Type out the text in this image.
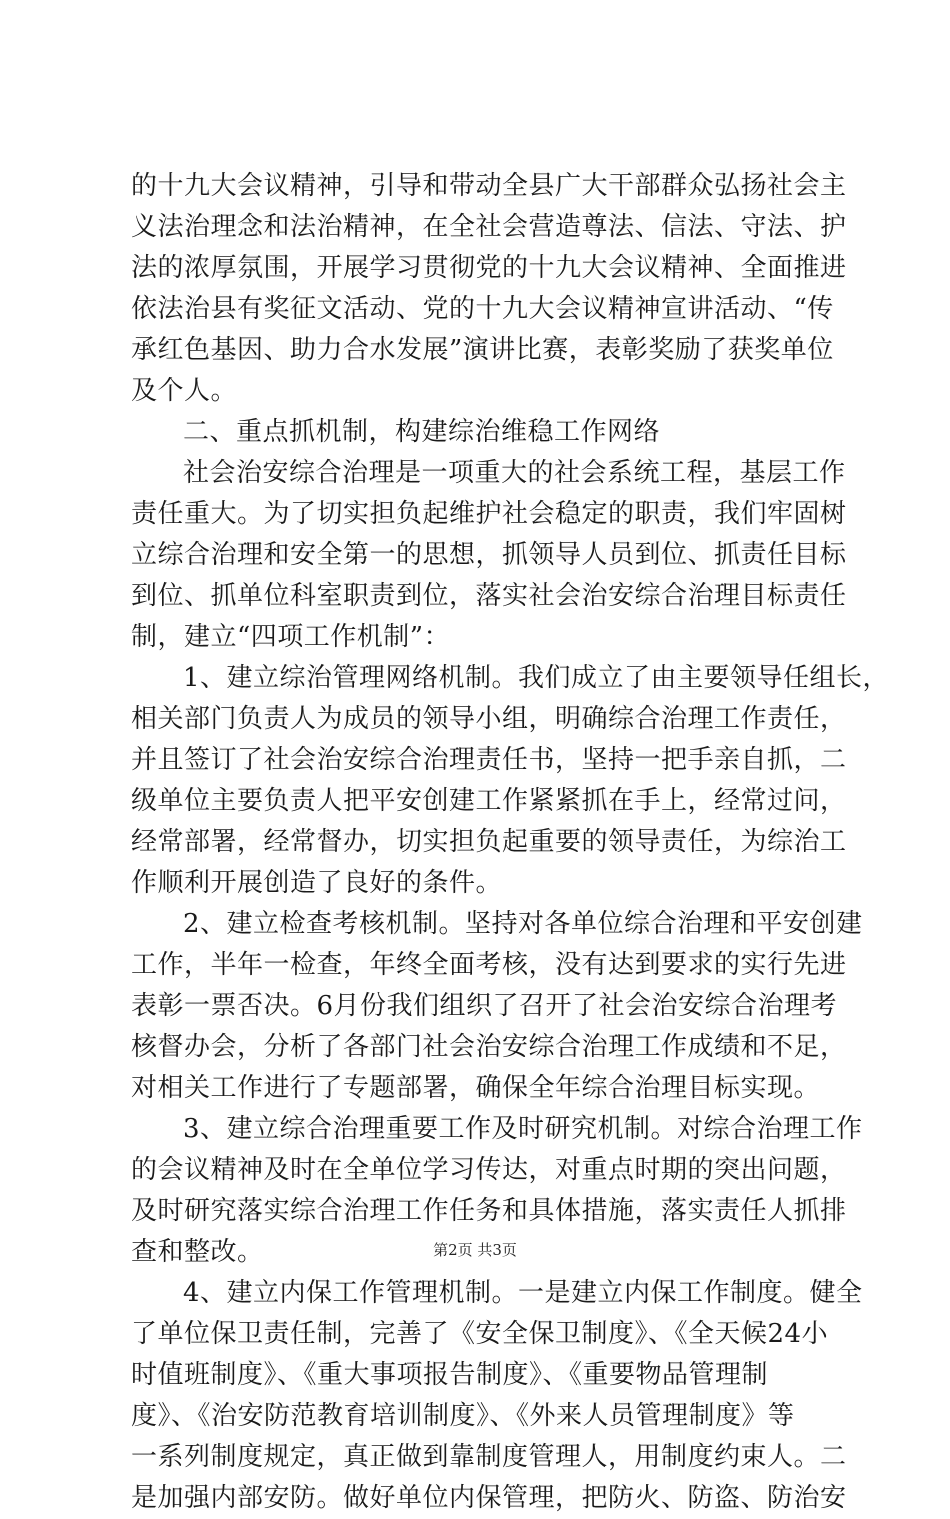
的十九大会议精神，引导和带动全县广大干部群众弘扬社会主
义法治理念和法治精神，在全社会营造尊法、信法、守法、护
法的浓厚氛围，开展学习贯彻党的十九大会议精神、全面推进
依法治县有奖征文活动、党的十九大会议精神宣讲活动、“传
承红色基因、助力合水发展”演讲比赛，表彰奖励了获奖单位
及个人。
二、重点抓机制，构建综治维稳工作网络
社会治安综合治理是一项重大的社会系统工程，基层工作
责任重大。为了切实担负起维护社会稳定的职责，我们牢固树
立综合治理和安全第一的思想，抓领导人员到位、抓责任目标
到位、抓单位科室职责到位，落实社会治安综合治理目标责任
制，建立“四项工作机制”：
1、建立综治管理网络机制。我们成立了由主要领导任组长，
相关部门负责人为成员的领导小组，明确综合治理工作责任，
并且签订了社会治安综合治理责任书，坚持一把手亲自抓，二
级单位主要负责人把平安创建工作紧紧抓在手上，经常过问，
经常部署，经常督办，切实担负起重要的领导责任，为综治工
作顺利开展创造了良好的条件。
2、建立检查考核机制。坚持对各单位综合治理和平安创建
工作，半年一检查，年终全面考核，没有达到要求的实行先进
表彰一票否决。6月份我们组织了召开了社会治安综合治理考
核督办会，分析了各部门社会治安综合治理工作成绩和不足，
对相关工作进行了专题部署，确保全年综合治理目标实现。
3、建立综合治理重要工作及时研究机制。对综合治理工作
的会议精神及时在全单位学习传达，对重点时期的突出问题，
及时研究落实综合治理工作任务和具体措施，落实责任人抓排
查和整改。
4、建立内保工作管理机制。一是建立内保工作制度。健全
了单位保卫责任制，完善了《安全保卫制度》、《全天候24小
时值班制度》、《重大事项报告制度》、《重要物品管理制
度》、《治安防范教育培训制度》、《外来人员管理制度》等
一系列制度规定，真正做到靠制度管理人，用制度约束人。二
是加强内部安防。做好单位内保管理，把防火、防盗、防治安
第2页 共3页
